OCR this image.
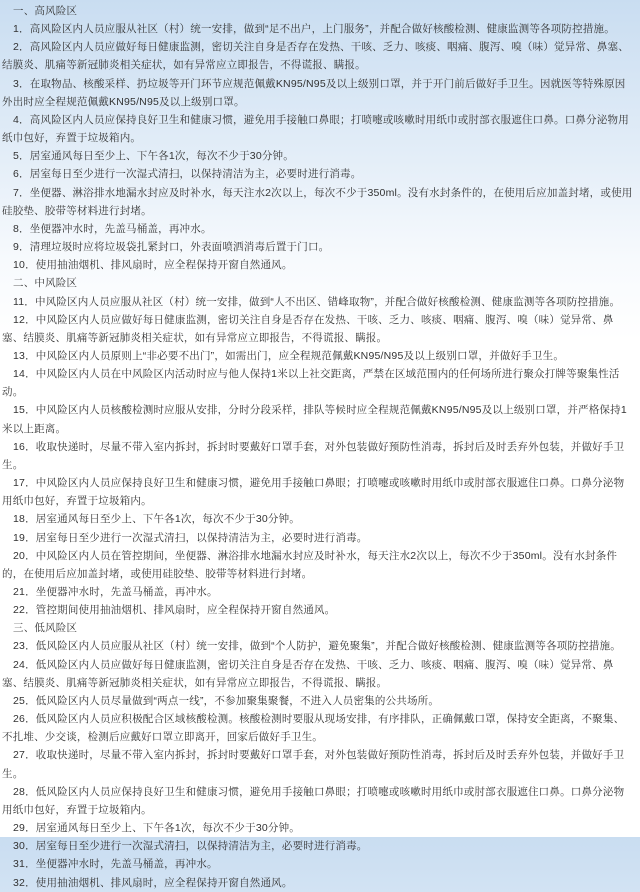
一、高风险区

1．高风险区内人员应服从社区（村）统一安排，做到“足不出户，上门服务”，并配合做好核酸检测、健康监测等各项防控措施。

2．高风险区内人员应做好每日健康监测，密切关注自身是否存在发热、干咳、乏力、咳痰、咽痛、腹泻、嗅（味）觉异常、鼻塞、结膜炎、肌痛等新冠肺炎相关症状，如有异常应立即报告，不得谎报、瞒报。

3．在取物品、核酸采样、扔垃圾等开门环节应规范佩戴KN95/N95及以上级别口罩，并于开门前后做好手卫生。因就医等特殊原因外出时应全程规范佩戴KN95/N95及以上级别口罩。

4．高风险区内人员应保持良好卫生和健康习惯，避免用手接触口鼻眼；打喷嚏或咳嗽时用纸巾或肘部衣服遮住口鼻。口鼻分泌物用纸巾包好，弃置于垃圾箱内。

5．居室通风每日至少上、下午各1次，每次不少于30分钟。

6．居室每日至少进行一次湿式清扫，以保持清洁为主，必要时进行消毒。

7．坐便器、淋浴排水地漏水封应及时补水，每天注水2次以上，每次不少于350ml。没有水封条件的，在使用后应加盖封堵，或使用硅胶垫、胶带等材料进行封堵。

8．坐便器冲水时，先盖马桶盖，再冲水。

9．清理垃圾时应将垃圾袋扎紧封口，外表面喷洒消毒后置于门口。

10．使用抽油烟机、排风扇时，应全程保持开窗自然通风。

二、中风险区

11．中风险区内人员应服从社区（村）统一安排，做到“人不出区、错峰取物”，并配合做好核酸检测、健康监测等各项防控措施。

12．中风险区内人员应做好每日健康监测，密切关注自身是否存在发热、干咳、乏力、咳痰、咽痛、腹泻、嗅（味）觉异常、鼻塞、结膜炎、肌痛等新冠肺炎相关症状，如有异常应立即报告，不得谎报、瞒报。

13．中风险区内人员原则上“非必要不出门”，如需出门，应全程规范佩戴KN95/N95及以上级别口罩，并做好手卫生。

14．中风险区内人员在中风险区内活动时应与他人保持1米以上社交距离，严禁在区域范围内的任何场所进行聚众打牌等聚集性活动。

15．中风险区内人员核酸检测时应服从安排，分时分段采样，排队等候时应全程规范佩戴KN95/N95及以上级别口罩，并严格保持1米以上距离。

16．收取快递时，尽量不带入室内拆封，拆封时要戴好口罩手套，对外包装做好预防性消毒，拆封后及时丢弃外包装，并做好手卫生。

17．中风险区内人员应保持良好卫生和健康习惯，避免用手接触口鼻眼；打喷嚏或咳嗽时用纸巾或肘部衣服遮住口鼻。口鼻分泌物用纸巾包好，弃置于垃圾箱内。

18．居室通风每日至少上、下午各1次，每次不少于30分钟。

19．居室每日至少进行一次湿式清扫，以保持清洁为主，必要时进行消毒。

20．中风险区内人员在管控期间，坐便器、淋浴排水地漏水封应及时补水，每天注水2次以上，每次不少于350ml。没有水封条件的，在使用后应加盖封堵，或使用硅胶垫、胶带等材料进行封堵。

21．坐便器冲水时，先盖马桶盖，再冲水。

22．管控期间使用抽油烟机、排风扇时，应全程保持开窗自然通风。

三、低风险区

23．低风险区内人员应服从社区（村）统一安排，做到“个人防护，避免聚集”，并配合做好核酸检测、健康监测等各项防控措施。

24．低风险区内人员应做好每日健康监测，密切关注自身是否存在发热、干咳、乏力、咳痰、咽痛、腹泻、嗅（味）觉异常、鼻塞、结膜炎、肌痛等新冠肺炎相关症状，如有异常应立即报告，不得谎报、瞒报。

25．低风险区内人员尽量做到“两点一线”，不参加聚集聚餐，不进入人员密集的公共场所。

26．低风险区内人员应积极配合区域核酸检测。核酸检测时要服从现场安排，有序排队，正确佩戴口罩，保持安全距离，不聚集、不扎堆、少交谈，检测后应戴好口罩立即离开，回家后做好手卫生。

27．收取快递时，尽量不带入室内拆封，拆封时要戴好口罩手套，对外包装做好预防性消毒，拆封后及时丢弃外包装，并做好手卫生。

28．低风险区内人员应保持良好卫生和健康习惯，避免用手接触口鼻眼；打喷嚏或咳嗽时用纸巾或肘部衣服遮住口鼻。口鼻分泌物用纸巾包好，弃置于垃圾箱内。

29．居室通风每日至少上、下午各1次，每次不少于30分钟。

30．居室每日至少进行一次湿式清扫，以保持清洁为主，必要时进行消毒。

31．坐便器冲水时，先盖马桶盖，再冲水。

32．使用抽油烟机、排风扇时，应全程保持开窗自然通风。
